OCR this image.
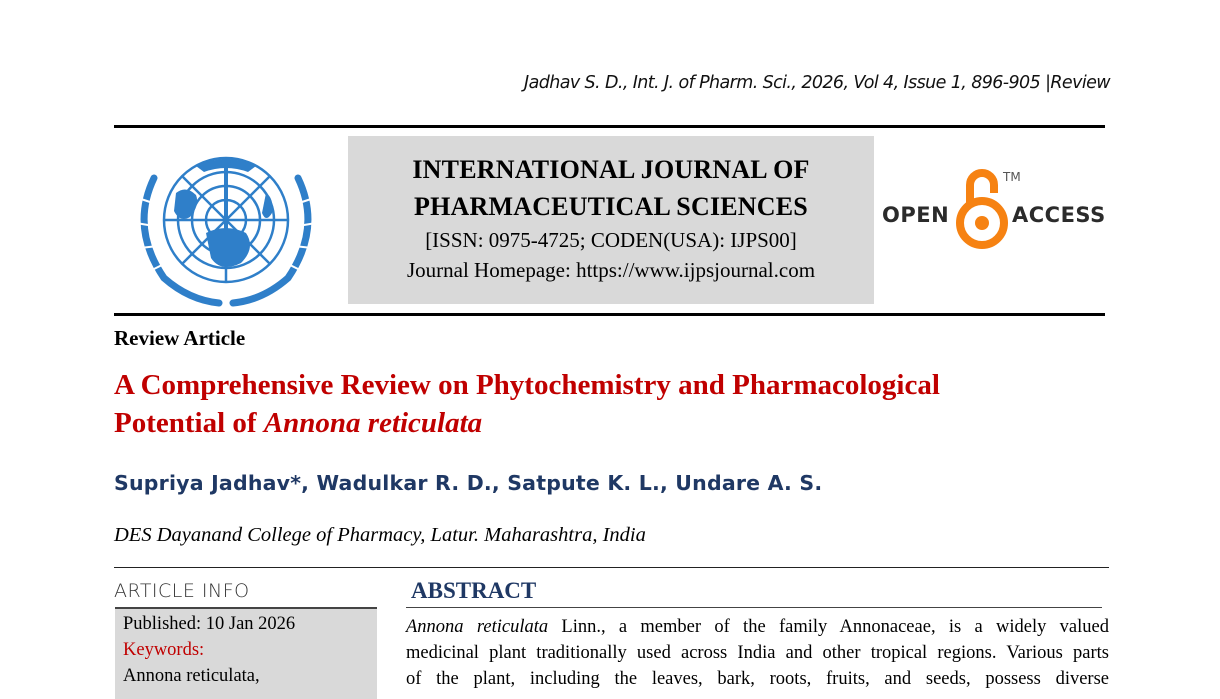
Jadhav S. D., Int. J. of Pharm. Sci., 2026, Vol 4, Issue 1, 896-905 |Review
INTERNATIONAL JOURNAL OF
PHARMACEUTICAL SCIENCES
[ISSN: 0975-4725; CODEN(USA): IJPS00]
Journal Homepage: https://www.ijpsjournal.com
OPEN
TM
ACCESS
Review Article
A Comprehensive Review on Phytochemistry and Pharmacological
Potential of Annona reticulata
Supriya Jadhav*, Wadulkar R. D., Satpute K. L., Undare A. S.
DES Dayanand College of Pharmacy, Latur. Maharashtra, India
ARTICLE INFO
Published: 10 Jan 2026
Keywords:
Annona reticulata,
ABSTRACT

Annona reticulata Linn., a member of the family Annonaceae, is a widely valued

medicinal plant traditionally used across India and other tropical regions. Various parts

of the plant, including the leaves, bark, roots, fruits, and seeds, possess diverse
